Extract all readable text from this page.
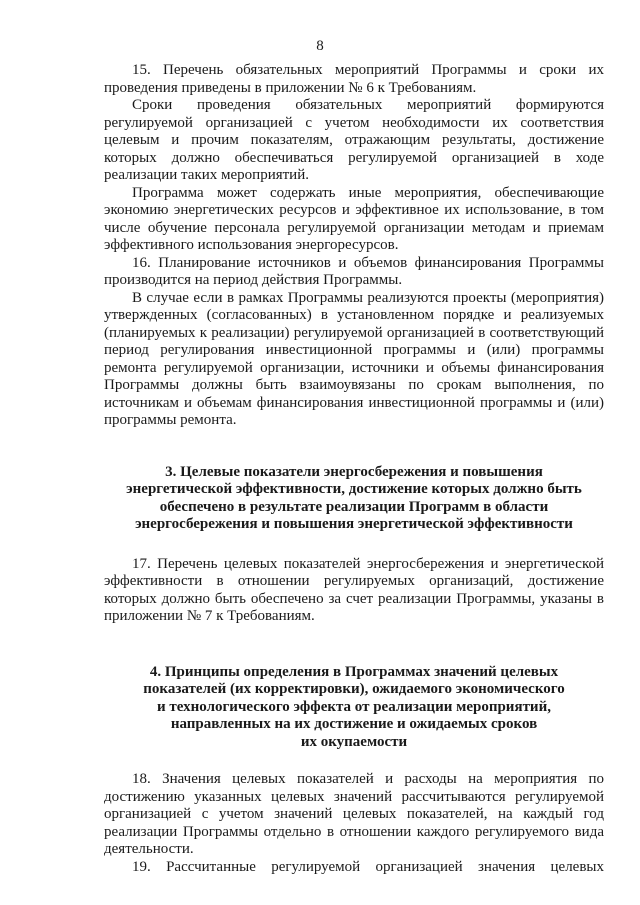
8

15. Перечень обязательных мероприятий Программы и сроки их проведения приведены в приложении № 6 к Требованиям.

Сроки проведения обязательных мероприятий формируются регулируемой организацией с учетом необходимости их соответствия целевым и прочим показателям, отражающим результаты, достижение которых должно обеспечиваться регулируемой организацией в ходе реализации таких мероприятий.

Программа может содержать иные мероприятия, обеспечивающие экономию энергетических ресурсов и эффективное их использование, в том числе обучение персонала регулируемой организации методам и приемам эффективного использования энергоресурсов.

16. Планирование источников и объемов финансирования Программы производится на период действия Программы.

В случае если в рамках Программы реализуются проекты (мероприятия) утвержденных (согласованных) в установленном порядке и реализуемых (планируемых к реализации) регулируемой организацией в соответствующий период регулирования инвестиционной программы и (или) программы ремонта регулируемой организации, источники и объемы финансирования Программы должны быть взаимоувязаны по срокам выполнения, по источникам и объемам финансирования инвестиционной программы и (или) программы ремонта.

3. Целевые показатели энергосбережения и повышения
энергетической эффективности, достижение которых должно быть
обеспечено в результате реализации Программ в области
энергосбережения и повышения энергетической эффективности

17. Перечень целевых показателей энергосбережения и энергетической эффективности в отношении регулируемых организаций, достижение которых должно быть обеспечено за счет реализации Программы, указаны в приложении № 7 к Требованиям.

4. Принципы определения в Программах значений целевых
показателей (их корректировки), ожидаемого экономического
и технологического эффекта от реализации мероприятий,
направленных на их достижение и ожидаемых сроков
их окупаемости

18. Значения целевых показателей и расходы на мероприятия по достижению указанных целевых значений рассчитываются регулируемой организацией с учетом значений целевых показателей, на каждый год реализации Программы отдельно в отношении каждого регулируемого вида деятельности.

19. Рассчитанные регулируемой организацией значения целевых
